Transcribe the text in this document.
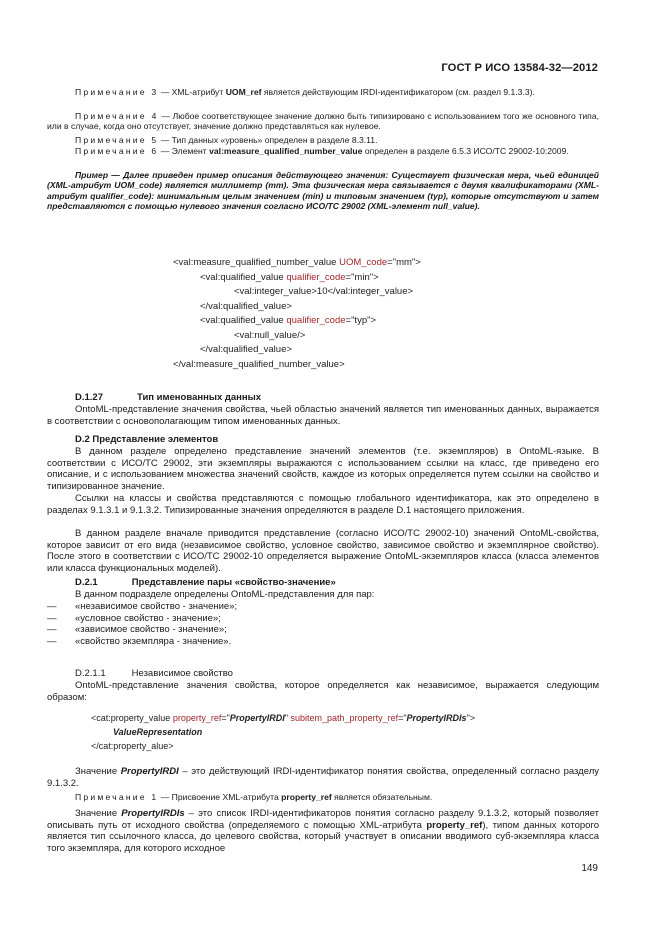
ГОСТ Р ИСО 13584-32—2012
Примечание 3 — XML-атрибут UOM_ref является действующим IRDI-идентификатором (см. раздел 9.1.3.3).
Примечание 4 — Любое соответствующее значение должно быть типизировано с использованием того же основного типа, или в случае, когда оно отсутствует, значение должно представляться как нулевое.
Примечание 5 — Тип данных «уровень» определен в разделе 8.3.11.
Примечание 6 — Элемент val:measure_qualified_number_value определен в разделе 6.5.3 ИСО/ТС 29002-10:2009.
Пример — Далее приведен пример описания действующего значения: Существует физическая мера, чьей единицей (XML-атрибут UOM_code) является миллиметр (mm). Эта физическая мера связывается с двумя квалификаторами (XML-атрибут qualifier_code): минимальным целым значением (min) и типовым значением (typ), которые отсутствуют и затем представляются с помощью нулевого значения согласно ИСО/ТС 29002 (XML-элемент null_value).
<val:measure_qualified_number_value UOM_code="mm">
<val:qualified_value qualifier_code="min">
<val:integer_value>10</val:integer_value>
</val:qualified_value>
<val:qualified_value qualifier_code="typ">
<val:null_value/>
</val:qualified_value>
</val:measure_qualified_number_value>
D.1.27	Тип именованных данных
OntoML-представление значения свойства, чьей областью значений является тип именованных данных, выражается в соответствии с основополагающим типом именованных данных.
D.2 Представление элементов
В данном разделе определено представление значений элементов (т.е. экземпляров) в OntoML-языке. В соответствии с ИСО/ТС 29002, эти экземпляры выражаются с использованием ссылки на класс, где приведено его описание, и с использованием множества значений свойств, каждое из которых определяется путем ссылки на свойство и типизированное значение.
Ссылки на классы и свойства представляются с помощью глобального идентификатора, как это определено в разделах 9.1.3.1 и 9.1.3.2. Типизированные значения определяются в разделе D.1 настоящего приложения.
В данном разделе вначале приводится представление (согласно ИСО/ТС 29002-10) значений OntoML-свойства, которое зависит от его вида (независимое свойство, условное свойство, зависимое свойство и экземплярное свойство). После этого в соответствии с ИСО/ТС 29002-10 определяется выражение OntoML-экземпляров класса (класса элементов или класса функциональных моделей).
D.2.1	Представление пары «свойство-значение»
В данном подразделе определены OntoML-представления для пар:
— «независимое свойство - значение»;
— «условное свойство - значение»;
— «зависимое свойство - значение»;
— «свойство экземпляра - значение».
D.2.1.1	Независимое свойство
OntoML-представление значения свойства, которое определяется как независимое, выражается следующим образом:
<cat:property_value property_ref="PropertyIRDI" subitem_path_property_ref="PropertyIRDIs">
ValueRepresentation
</cat:property_alue>
Значение PropertyIRDI – это действующий IRDI-идентификатор понятия свойства, определенный согласно разделу 9.1.3.2.
Примечание 1 — Присвоение XML-атрибута property_ref является обязательным.
Значение PropertyIRDIs – это список IRDI-идентификаторов понятия согласно разделу 9.1.3.2, который позволяет описывать путь от исходного свойства (определяемого с помощью XML-атрибута property_ref), типом данных которого является тип ссылочного класса, до целевого свойства, который участвует в описании вводимого суб-экземпляра класса того экземпляра, для которого исходное
149
